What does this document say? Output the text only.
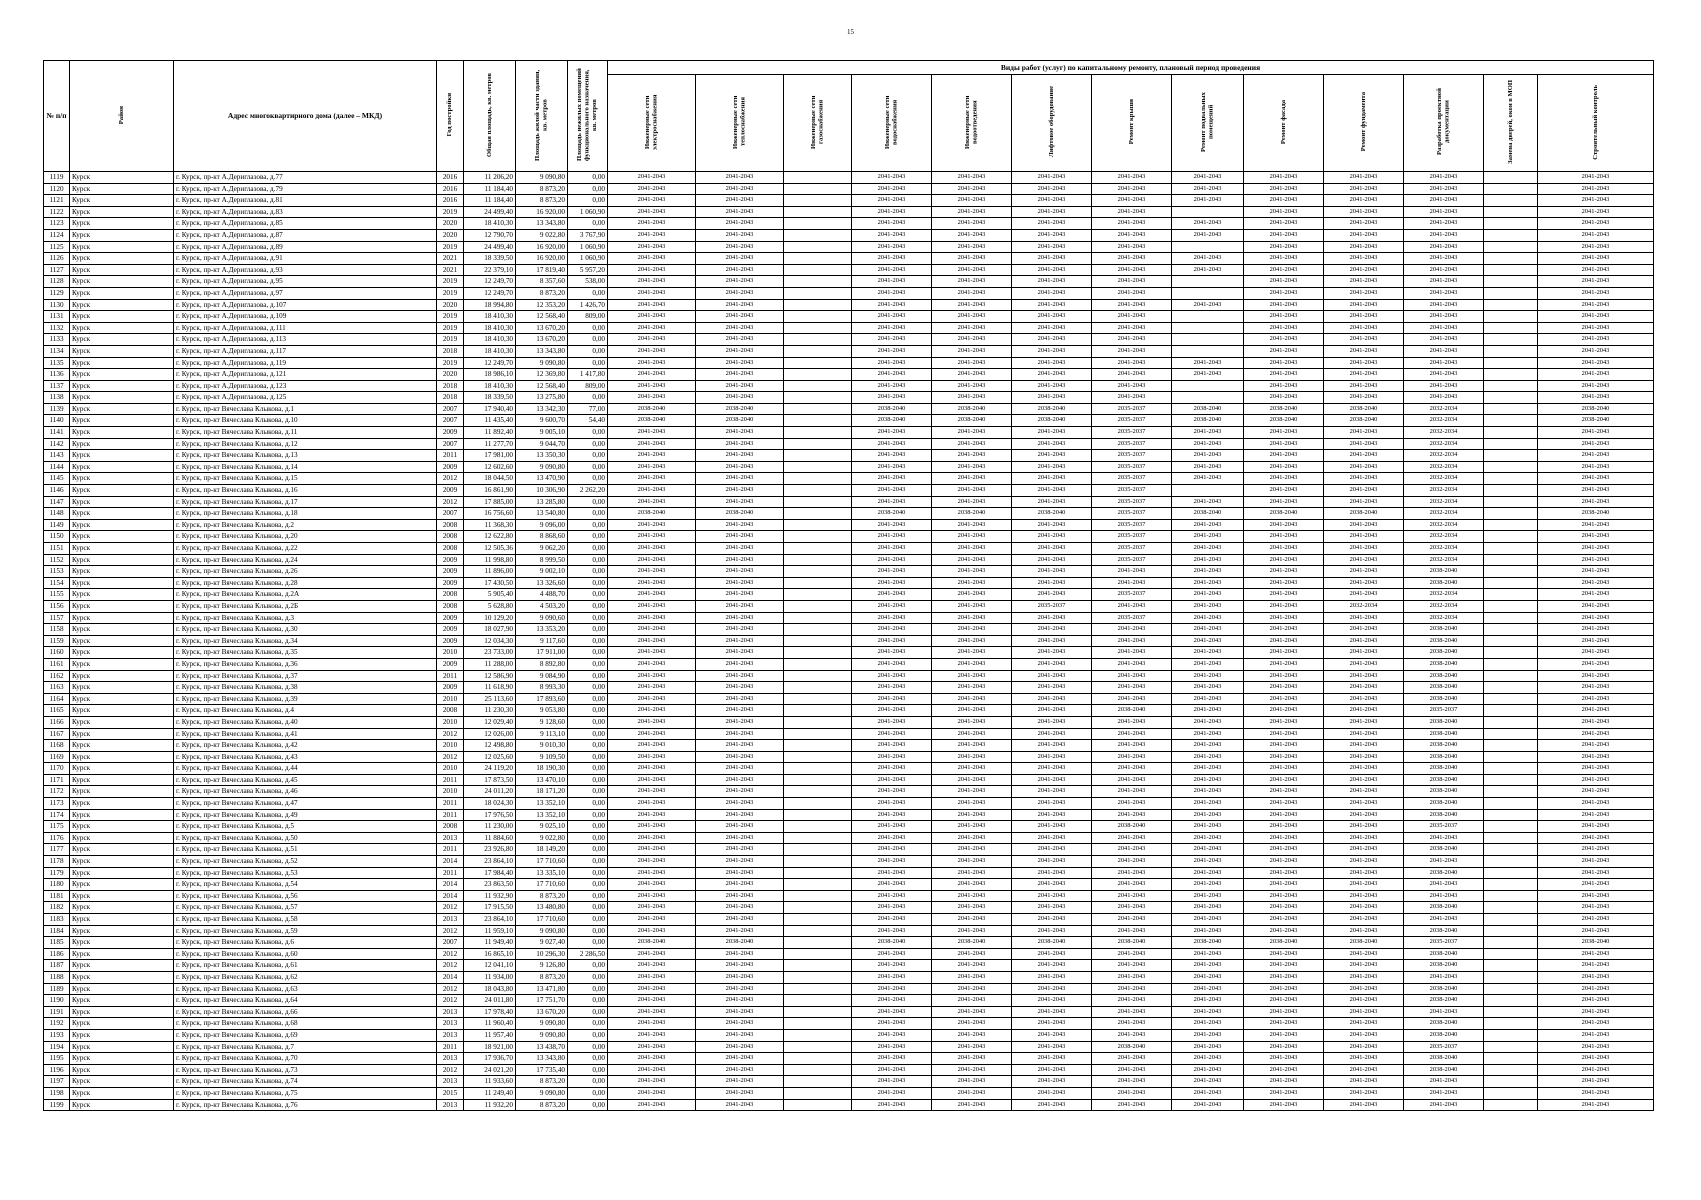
15
№ п/п	Район	Адрес многоквартирного дома (далее – МКД)	Год постройки	Общая площадь, кв. метров	Площадь жилой части здания, кв. метров	Площадь нежилых помещений функционального назначения, кв. метров	Виды работ (услуг) по капитальному ремонту, плановый период проведения												
							Инженерные сети электроснабжения	Инженерные сети теплоснабжения	Инженерные сети газоснабжения	Инженерные сети водоснабжения	Инженерные сети водоотведения	Лифтовое оборудование	Ремонт крыши	Ремонт подвальных помещений	Ремонт фасада	Ремонт фундамента	Разработка проектной документации	Замена дверей, окон в МОП	Строительный контроль
1119	Курск	г. Курск, пр-кт А.Дериглазова, д.77	2016	11 206,20	9 090,80	0,00	2041-2043	2041-2043		2041-2043	2041-2043	2041-2043	2041-2043	2041-2043	2041-2043	2041-2043	2041-2043		2041-2043
1120	Курск	г. Курск, пр-кт А.Дериглазова, д.79	2016	11 184,40	8 873,20	0,00	2041-2043	2041-2043		2041-2043	2041-2043	2041-2043	2041-2043	2041-2043	2041-2043	2041-2043	2041-2043		2041-2043
1121	Курск	г. Курск, пр-кт А.Дериглазова, д.81	2016	11 184,40	8 873,20	0,00	2041-2043	2041-2043		2041-2043	2041-2043	2041-2043	2041-2043	2041-2043	2041-2043	2041-2043	2041-2043		2041-2043
1122	Курск	г. Курск, пр-кт А.Дериглазова, д.83	2019	24 499,40	16 920,00	1 060,90	2041-2043	2041-2043		2041-2043	2041-2043	2041-2043	2041-2043		2041-2043	2041-2043	2041-2043		2041-2043
1123	Курск	г. Курск, пр-кт А.Дериглазова, д.85	2020	18 410,30	13 343,80	0,00	2041-2043	2041-2043		2041-2043	2041-2043	2041-2043	2041-2043	2041-2043	2041-2043	2041-2043	2041-2043		2041-2043
1124	Курск	г. Курск, пр-кт А.Дериглазова, д.87	2020	12 790,70	9 022,80	3 767,90	2041-2043	2041-2043		2041-2043	2041-2043	2041-2043	2041-2043	2041-2043	2041-2043	2041-2043	2041-2043		2041-2043
1125	Курск	г. Курск, пр-кт А.Дериглазова, д.89	2019	24 499,40	16 920,00	1 060,90	2041-2043	2041-2043		2041-2043	2041-2043	2041-2043	2041-2043		2041-2043	2041-2043	2041-2043		2041-2043
1126	Курск	г. Курск, пр-кт А.Дериглазова, д.91	2021	18 339,50	16 920,00	1 060,90	2041-2043	2041-2043		2041-2043	2041-2043	2041-2043	2041-2043	2041-2043	2041-2043	2041-2043	2041-2043		2041-2043
1127	Курск	г. Курск, пр-кт А.Дериглазова, д.93	2021	22 379,10	17 819,40	5 957,20	2041-2043	2041-2043		2041-2043	2041-2043	2041-2043	2041-2043	2041-2043	2041-2043	2041-2043	2041-2043		2041-2043
1128	Курск	г. Курск, пр-кт А.Дериглазова, д.95	2019	12 249,70	8 357,60	538,00	2041-2043	2041-2043		2041-2043	2041-2043	2041-2043	2041-2043		2041-2043	2041-2043	2041-2043		2041-2043
1129	Курск	г. Курск, пр-кт А.Дериглазова, д.97	2019	12 249,70	8 873,20	0,00	2041-2043	2041-2043		2041-2043	2041-2043	2041-2043	2041-2043		2041-2043	2041-2043	2041-2043		2041-2043
1130	Курск	г. Курск, пр-кт А.Дериглазова, д.107	2020	18 994,80	12 353,20	1 426,70	2041-2043	2041-2043		2041-2043	2041-2043	2041-2043	2041-2043	2041-2043	2041-2043	2041-2043	2041-2043		2041-2043
1131	Курск	г. Курск, пр-кт А.Дериглазова, д.109	2019	18 410,30	12 568,40	809,00	2041-2043	2041-2043		2041-2043	2041-2043	2041-2043	2041-2043		2041-2043	2041-2043	2041-2043		2041-2043
1132	Курск	г. Курск, пр-кт А.Дериглазова, д.111	2019	18 410,30	13 670,20	0,00	2041-2043	2041-2043		2041-2043	2041-2043	2041-2043	2041-2043		2041-2043	2041-2043	2041-2043		2041-2043
1133	Курск	г. Курск, пр-кт А.Дериглазова, д.113	2019	18 410,30	13 670,20	0,00	2041-2043	2041-2043		2041-2043	2041-2043	2041-2043	2041-2043		2041-2043	2041-2043	2041-2043		2041-2043
1134	Курск	г. Курск, пр-кт А.Дериглазова, д.117	2018	18 410,30	13 343,80	0,00	2041-2043	2041-2043		2041-2043	2041-2043	2041-2043	2041-2043		2041-2043	2041-2043	2041-2043		2041-2043
1135	Курск	г. Курск, пр-кт А.Дериглазова, д.119	2019	12 249,70	9 090,80	0,00	2041-2043	2041-2043		2041-2043	2041-2043	2041-2043	2041-2043	2041-2043	2041-2043	2041-2043	2041-2043		2041-2043
1136	Курск	г. Курск, пр-кт А.Дериглазова, д.121	2020	18 986,10	12 369,80	1 417,80	2041-2043	2041-2043		2041-2043	2041-2043	2041-2043	2041-2043	2041-2043	2041-2043	2041-2043	2041-2043		2041-2043
1137	Курск	г. Курск, пр-кт А.Дериглазова, д.123	2018	18 410,30	12 568,40	809,00	2041-2043	2041-2043		2041-2043	2041-2043	2041-2043	2041-2043		2041-2043	2041-2043	2041-2043		2041-2043
1138	Курск	г. Курск, пр-кт А.Дериглазова, д.125	2018	18 339,50	13 275,80	0,00	2041-2043	2041-2043		2041-2043	2041-2043	2041-2043	2041-2043		2041-2043	2041-2043	2041-2043		2041-2043
1139	Курск	г. Курск, пр-кт Вячеслава Клыкова, д.1	2007	17 940,40	13 342,30	77,00	2038-2040	2038-2040		2038-2040	2038-2040	2038-2040	2035-2037	2038-2040	2038-2040	2038-2040	2032-2034		2038-2040
1140	Курск	г. Курск, пр-кт Вячеслава Клыкова, д.10	2007	11 435,40	9 600,70	54,40	2038-2040	2038-2040		2038-2040	2038-2040	2038-2040	2035-2037	2038-2040	2038-2040	2038-2040	2032-2034		2038-2040
1141	Курск	г. Курск, пр-кт Вячеслава Клыкова, д.11	2009	11 892,40	9 005,10	0,00	2041-2043	2041-2043		2041-2043	2041-2043	2041-2043	2035-2037	2041-2043	2041-2043	2041-2043	2032-2034		2041-2043
1142	Курск	г. Курск, пр-кт Вячеслава Клыкова, д.12	2007	11 277,70	9 044,70	0,00	2041-2043	2041-2043		2041-2043	2041-2043	2041-2043	2035-2037	2041-2043	2041-2043	2041-2043	2032-2034		2041-2043
1143	Курск	г. Курск, пр-кт Вячеслава Клыкова, д.13	2011	17 981,00	13 350,30	0,00	2041-2043	2041-2043		2041-2043	2041-2043	2041-2043	2035-2037	2041-2043	2041-2043	2041-2043	2032-2034		2041-2043
1144	Курск	г. Курск, пр-кт Вячеслава Клыкова, д.14	2009	12 602,60	9 090,80	0,00	2041-2043	2041-2043		2041-2043	2041-2043	2041-2043	2035-2037	2041-2043	2041-2043	2041-2043	2032-2034		2041-2043
1145	Курск	г. Курск, пр-кт Вячеслава Клыкова, д.15	2012	18 044,50	13 470,90	0,00	2041-2043	2041-2043		2041-2043	2041-2043	2041-2043	2035-2037	2041-2043	2041-2043	2041-2043	2032-2034		2041-2043
1146	Курск	г. Курск, пр-кт Вячеслава Клыкова, д.16	2009	16 861,90	10 306,90	2 262,20	2041-2043	2041-2043		2041-2043	2041-2043	2041-2043	2035-2037		2041-2043	2041-2043	2032-2034		2041-2043
1147	Курск	г. Курск, пр-кт Вячеслава Клыкова, д.17	2012	17 885,00	13 285,80	0,00	2041-2043	2041-2043		2041-2043	2041-2043	2041-2043	2035-2037	2041-2043	2041-2043	2041-2043	2032-2034		2041-2043
1148	Курск	г. Курск, пр-кт Вячеслава Клыкова, д.18	2007	16 756,60	13 540,80	0,00	2038-2040	2038-2040		2038-2040	2038-2040	2038-2040	2035-2037	2038-2040	2038-2040	2038-2040	2032-2034		2038-2040
1149	Курск	г. Курск, пр-кт Вячеслава Клыкова, д.2	2008	11 368,30	9 096,00	0,00	2041-2043	2041-2043		2041-2043	2041-2043	2041-2043	2035-2037	2041-2043	2041-2043	2041-2043	2032-2034		2041-2043
1150	Курск	г. Курск, пр-кт Вячеслава Клыкова, д.20	2008	12 622,80	8 868,60	0,00	2041-2043	2041-2043		2041-2043	2041-2043	2041-2043	2035-2037	2041-2043	2041-2043	2041-2043	2032-2034		2041-2043
1151	Курск	г. Курск, пр-кт Вячеслава Клыкова, д.22	2008	12 505,36	9 062,20	0,00	2041-2043	2041-2043		2041-2043	2041-2043	2041-2043	2035-2037	2041-2043	2041-2043	2041-2043	2032-2034		2041-2043
1152	Курск	г. Курск, пр-кт Вячеслава Клыкова, д.24	2009	11 998,80	8 999,50	0,00	2041-2043	2041-2043		2041-2043	2041-2043	2041-2043	2035-2037	2041-2043	2041-2043	2041-2043	2032-2034		2041-2043
1153	Курск	г. Курск, пр-кт Вячеслава Клыкова, д.26	2009	11 896,00	9 002,10	0,00	2041-2043	2041-2043		2041-2043	2041-2043	2041-2043	2041-2043	2041-2043	2041-2043	2041-2043	2038-2040		2041-2043
1154	Курск	г. Курск, пр-кт Вячеслава Клыкова, д.28	2009	17 430,50	13 326,60	0,00	2041-2043	2041-2043		2041-2043	2041-2043	2041-2043	2041-2043	2041-2043	2041-2043	2041-2043	2038-2040		2041-2043
1155	Курск	г. Курск, пр-кт Вячеслава Клыкова, д.2А	2008	5 905,40	4 488,70	0,00	2041-2043	2041-2043		2041-2043	2041-2043	2041-2043	2035-2037	2041-2043	2041-2043	2041-2043	2032-2034		2041-2043
1156	Курск	г. Курск, пр-кт Вячеслава Клыкова, д.2Б	2008	5 628,80	4 503,20	0,00	2041-2043	2041-2043		2041-2043	2041-2043	2035-2037	2041-2043	2041-2043	2041-2043	2032-2034	2032-2034		2041-2043
1157	Курск	г. Курск, пр-кт Вячеслава Клыкова, д.3	2009	10 129,20	9 090,60	0,00	2041-2043	2041-2043		2041-2043	2041-2043	2041-2043	2035-2037	2041-2043	2041-2043	2041-2043	2032-2034		2041-2043
1158	Курск	г. Курск, пр-кт Вячеслава Клыкова, д.30	2009	18 027,90	13 353,20	0,00	2041-2043	2041-2043		2041-2043	2041-2043	2041-2043	2041-2043	2041-2043	2041-2043	2041-2043	2038-2040		2041-2043
1159	Курск	г. Курск, пр-кт Вячеслава Клыкова, д.34	2009	12 034,30	9 117,60	0,00	2041-2043	2041-2043		2041-2043	2041-2043	2041-2043	2041-2043	2041-2043	2041-2043	2041-2043	2038-2040		2041-2043
1160	Курск	г. Курск, пр-кт Вячеслава Клыкова, д.35	2010	23 733,00	17 911,00	0,00	2041-2043	2041-2043		2041-2043	2041-2043	2041-2043	2041-2043	2041-2043	2041-2043	2041-2043	2038-2040		2041-2043
1161	Курск	г. Курск, пр-кт Вячеслава Клыкова, д.36	2009	11 288,00	8 892,80	0,00	2041-2043	2041-2043		2041-2043	2041-2043	2041-2043	2041-2043	2041-2043	2041-2043	2041-2043	2038-2040		2041-2043
1162	Курск	г. Курск, пр-кт Вячеслава Клыкова, д.37	2011	12 586,90	9 084,90	0,00	2041-2043	2041-2043		2041-2043	2041-2043	2041-2043	2041-2043	2041-2043	2041-2043	2041-2043	2038-2040		2041-2043
1163	Курск	г. Курск, пр-кт Вячеслава Клыкова, д.38	2009	11 618,90	8 993,30	0,00	2041-2043	2041-2043		2041-2043	2041-2043	2041-2043	2041-2043	2041-2043	2041-2043	2041-2043	2038-2040		2041-2043
1164	Курск	г. Курск, пр-кт Вячеслава Клыкова, д.39	2010	25 113,60	17 893,60	0,00	2041-2043	2041-2043		2041-2043	2041-2043	2041-2043	2041-2043	2041-2043	2041-2043	2041-2043	2038-2040		2041-2043
1165	Курск	г. Курск, пр-кт Вячеслава Клыкова, д.4	2008	11 230,30	9 053,80	0,00	2041-2043	2041-2043		2041-2043	2041-2043	2041-2043	2038-2040	2041-2043	2041-2043	2041-2043	2035-2037		2041-2043
1166	Курск	г. Курск, пр-кт Вячеслава Клыкова, д.40	2010	12 029,40	9 128,60	0,00	2041-2043	2041-2043		2041-2043	2041-2043	2041-2043	2041-2043	2041-2043	2041-2043	2041-2043	2038-2040		2041-2043
1167	Курск	г. Курск, пр-кт Вячеслава Клыкова, д.41	2012	12 026,00	9 113,10	0,00	2041-2043	2041-2043		2041-2043	2041-2043	2041-2043	2041-2043	2041-2043	2041-2043	2041-2043	2038-2040		2041-2043
1168	Курск	г. Курск, пр-кт Вячеслава Клыкова, д.42	2010	12 498,80	9 010,30	0,00	2041-2043	2041-2043		2041-2043	2041-2043	2041-2043	2041-2043	2041-2043	2041-2043	2041-2043	2038-2040		2041-2043
1169	Курск	г. Курск, пр-кт Вячеслава Клыкова, д.43	2012	12 025,60	9 109,50	0,00	2041-2043	2041-2043		2041-2043	2041-2043	2041-2043	2041-2043	2041-2043	2041-2043	2041-2043	2038-2040		2041-2043
1170	Курск	г. Курск, пр-кт Вячеслава Клыкова, д.44	2010	24 119,20	18 190,30	0,00	2041-2043	2041-2043		2041-2043	2041-2043	2041-2043	2041-2043	2041-2043	2041-2043	2041-2043	2038-2040		2041-2043
1171	Курск	г. Курск, пр-кт Вячеслава Клыкова, д.45	2011	17 873,50	13 470,10	0,00	2041-2043	2041-2043		2041-2043	2041-2043	2041-2043	2041-2043	2041-2043	2041-2043	2041-2043	2038-2040		2041-2043
1172	Курск	г. Курск, пр-кт Вячеслава Клыкова, д.46	2010	24 011,20	18 171,20	0,00	2041-2043	2041-2043		2041-2043	2041-2043	2041-2043	2041-2043	2041-2043	2041-2043	2041-2043	2038-2040		2041-2043
1173	Курск	г. Курск, пр-кт Вячеслава Клыкова, д.47	2011	18 024,30	13 352,10	0,00	2041-2043	2041-2043		2041-2043	2041-2043	2041-2043	2041-2043	2041-2043	2041-2043	2041-2043	2038-2040		2041-2043
1174	Курск	г. Курск, пр-кт Вячеслава Клыкова, д.49	2011	17 976,50	13 352,10	0,00	2041-2043	2041-2043		2041-2043	2041-2043	2041-2043	2041-2043	2041-2043	2041-2043	2041-2043	2038-2040		2041-2043
1175	Курск	г. Курск, пр-кт Вячеслава Клыкова, д.5	2008	11 230,00	9 025,10	0,00	2041-2043	2041-2043		2041-2043	2041-2043	2041-2043	2038-2040	2041-2043	2041-2043	2041-2043	2035-2037		2041-2043
1176	Курск	г. Курск, пр-кт Вячеслава Клыкова, д.50	2013	11 884,60	9 022,80	0,00	2041-2043	2041-2043		2041-2043	2041-2043	2041-2043	2041-2043	2041-2043	2041-2043	2041-2043	2041-2043		2041-2043
1177	Курск	г. Курск, пр-кт Вячеслава Клыкова, д.51	2011	23 926,80	18 149,20	0,00	2041-2043	2041-2043		2041-2043	2041-2043	2041-2043	2041-2043	2041-2043	2041-2043	2041-2043	2038-2040		2041-2043
1178	Курск	г. Курск, пр-кт Вячеслава Клыкова, д.52	2014	23 864,10	17 710,60	0,00	2041-2043	2041-2043		2041-2043	2041-2043	2041-2043	2041-2043	2041-2043	2041-2043	2041-2043	2041-2043		2041-2043
1179	Курск	г. Курск, пр-кт Вячеслава Клыкова, д.53	2011	17 984,40	13 335,10	0,00	2041-2043	2041-2043		2041-2043	2041-2043	2041-2043	2041-2043	2041-2043	2041-2043	2041-2043	2038-2040		2041-2043
1180	Курск	г. Курск, пр-кт Вячеслава Клыкова, д.54	2014	23 863,50	17 710,60	0,00	2041-2043	2041-2043		2041-2043	2041-2043	2041-2043	2041-2043	2041-2043	2041-2043	2041-2043	2041-2043		2041-2043
1181	Курск	г. Курск, пр-кт Вячеслава Клыкова, д.56	2014	11 932,90	8 873,20	0,00	2041-2043	2041-2043		2041-2043	2041-2043	2041-2043	2041-2043	2041-2043	2041-2043	2041-2043	2041-2043		2041-2043
1182	Курск	г. Курск, пр-кт Вячеслава Клыкова, д.57	2012	17 915,50	13 480,80	0,00	2041-2043	2041-2043		2041-2043	2041-2043	2041-2043	2041-2043	2041-2043	2041-2043	2041-2043	2038-2040		2041-2043
1183	Курск	г. Курск, пр-кт Вячеслава Клыкова, д.58	2013	23 864,10	17 710,60	0,00	2041-2043	2041-2043		2041-2043	2041-2043	2041-2043	2041-2043	2041-2043	2041-2043	2041-2043	2041-2043		2041-2043
1184	Курск	г. Курск, пр-кт Вячеслава Клыкова, д.59	2012	11 959,10	9 090,80	0,00	2041-2043	2041-2043		2041-2043	2041-2043	2041-2043	2041-2043	2041-2043	2041-2043	2041-2043	2038-2040		2041-2043
1185	Курск	г. Курск, пр-кт Вячеслава Клыкова, д.6	2007	11 949,40	9 027,40	0,00	2038-2040	2038-2040		2038-2040	2038-2040	2038-2040	2038-2040	2038-2040	2038-2040	2038-2040	2035-2037		2038-2040
1186	Курск	г. Курск, пр-кт Вячеслава Клыкова, д.60	2012	16 865,10	10 296,30	2 286,50	2041-2043	2041-2043		2041-2043	2041-2043	2041-2043	2041-2043	2041-2043	2041-2043	2041-2043	2038-2040		2041-2043
1187	Курск	г. Курск, пр-кт Вячеслава Клыкова, д.61	2012	12 041,10	9 126,80	0,00	2041-2043	2041-2043		2041-2043	2041-2043	2041-2043	2041-2043	2041-2043	2041-2043	2041-2043	2038-2040		2041-2043
1188	Курск	г. Курск, пр-кт Вячеслава Клыкова, д.62	2014	11 934,00	8 873,20	0,00	2041-2043	2041-2043		2041-2043	2041-2043	2041-2043	2041-2043	2041-2043	2041-2043	2041-2043	2041-2043		2041-2043
1189	Курск	г. Курск, пр-кт Вячеслава Клыкова, д.63	2012	18 043,80	13 471,80	0,00	2041-2043	2041-2043		2041-2043	2041-2043	2041-2043	2041-2043	2041-2043	2041-2043	2041-2043	2038-2040		2041-2043
1190	Курск	г. Курск, пр-кт Вячеслава Клыкова, д.64	2012	24 011,80	17 751,70	0,00	2041-2043	2041-2043		2041-2043	2041-2043	2041-2043	2041-2043	2041-2043	2041-2043	2041-2043	2038-2040		2041-2043
1191	Курск	г. Курск, пр-кт Вячеслава Клыкова, д.66	2013	17 978,40	13 670,20	0,00	2041-2043	2041-2043		2041-2043	2041-2043	2041-2043	2041-2043	2041-2043	2041-2043	2041-2043	2041-2043		2041-2043
1192	Курск	г. Курск, пр-кт Вячеслава Клыкова, д.68	2013	11 960,40	9 090,80	0,00	2041-2043	2041-2043		2041-2043	2041-2043	2041-2043	2041-2043	2041-2043	2041-2043	2041-2043	2038-2040		2041-2043
1193	Курск	г. Курск, пр-кт Вячеслава Клыкова, д.69	2013	11 957,40	9 090,80	0,00	2041-2043	2041-2043		2041-2043	2041-2043	2041-2043	2041-2043	2041-2043	2041-2043	2041-2043	2038-2040		2041-2043
1194	Курск	г. Курск, пр-кт Вячеслава Клыкова, д.7	2011	18 921,00	13 438,70	0,00	2041-2043	2041-2043		2041-2043	2041-2043	2041-2043	2038-2040	2041-2043	2041-2043	2041-2043	2035-2037		2041-2043
1195	Курск	г. Курск, пр-кт Вячеслава Клыкова, д.70	2013	17 936,70	13 343,80	0,00	2041-2043	2041-2043		2041-2043	2041-2043	2041-2043	2041-2043	2041-2043	2041-2043	2041-2043	2038-2040		2041-2043
1196	Курск	г. Курск, пр-кт Вячеслава Клыкова, д.73	2012	24 021,20	17 735,40	0,00	2041-2043	2041-2043		2041-2043	2041-2043	2041-2043	2041-2043	2041-2043	2041-2043	2041-2043	2038-2040		2041-2043
1197	Курск	г. Курск, пр-кт Вячеслава Клыкова, д.74	2013	11 933,60	8 873,20	0,00	2041-2043	2041-2043		2041-2043	2041-2043	2041-2043	2041-2043	2041-2043	2041-2043	2041-2043	2041-2043		2041-2043
1198	Курск	г. Курск, пр-кт Вячеслава Клыкова, д.75	2015	11 249,40	9 090,80	0,00	2041-2043	2041-2043		2041-2043	2041-2043	2041-2043	2041-2043	2041-2043	2041-2043	2041-2043	2041-2043		2041-2043
1199	Курск	г. Курск, пр-кт Вячеслава Клыкова, д.76	2013	11 932,20	8 873,20	0,00	2041-2043	2041-2043		2041-2043	2041-2043	2041-2043	2041-2043	2041-2043	2041-2043	2041-2043	2041-2043		2041-2043
